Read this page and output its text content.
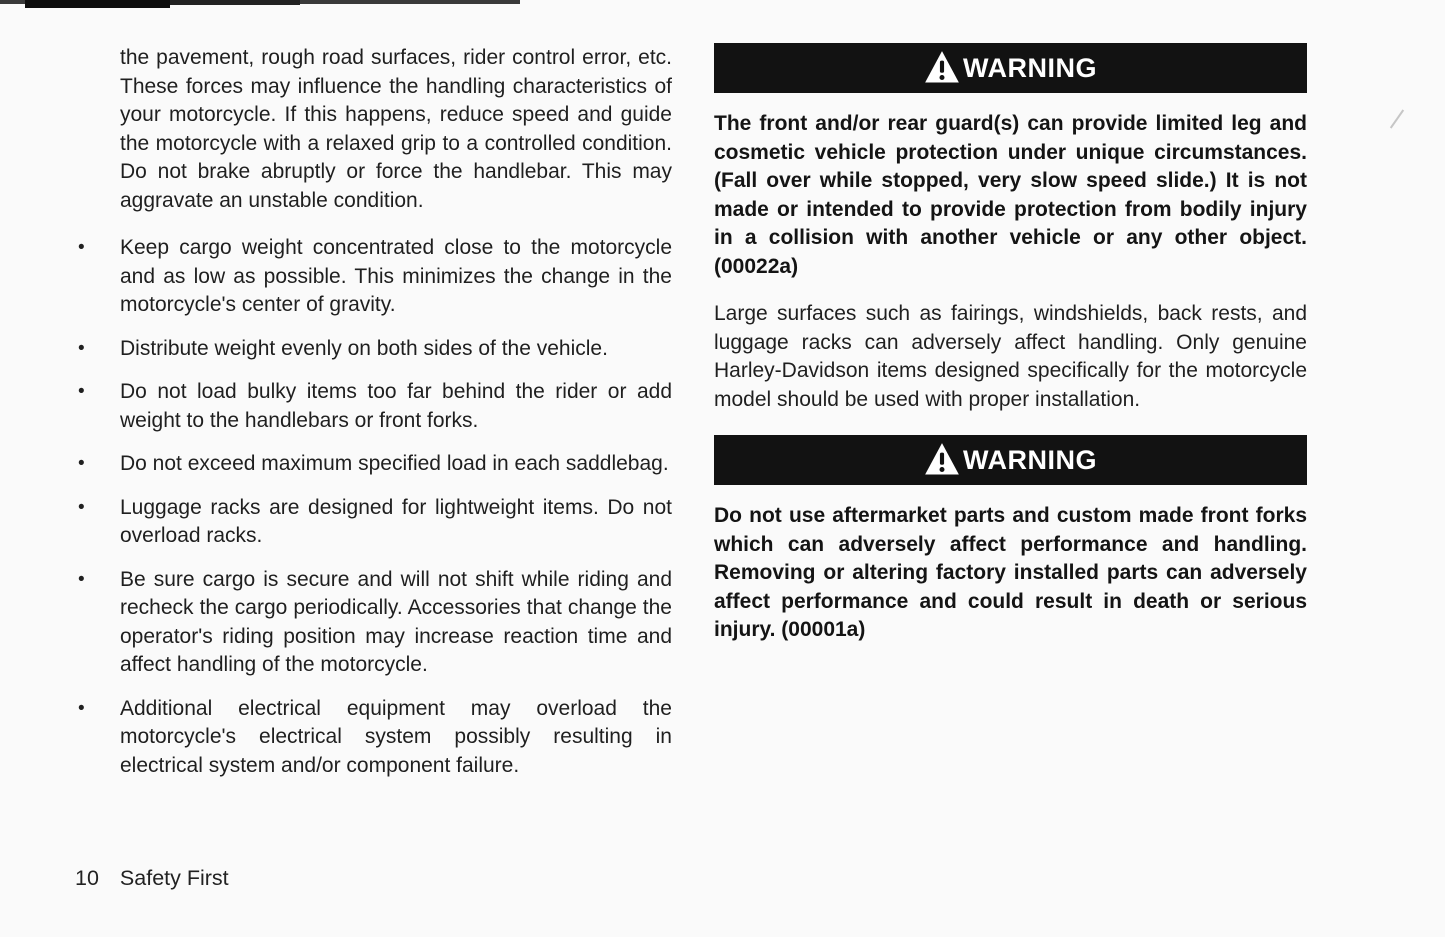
the pavement, rough road surfaces, rider control error, etc. These forces may influence the handling characteristics of your motorcycle. If this happens, reduce speed and guide the motorcycle with a relaxed grip to a controlled condition. Do not brake abruptly or force the handlebar. This may aggravate an unstable condition.

•	Keep cargo weight concentrated close to the motorcycle and as low as possible. This minimizes the change in the motorcycle's center of gravity.
•	Distribute weight evenly on both sides of the vehicle.
•	Do not load bulky items too far behind the rider or add weight to the handlebars or front forks.
•	Do not exceed maximum specified load in each saddlebag.
•	Luggage racks are designed for lightweight items. Do not overload racks.
•	Be sure cargo is secure and will not shift while riding and recheck the cargo periodically. Accessories that change the operator's riding position may increase reaction time and affect handling of the motorcycle.
•	Additional electrical equipment may overload the motorcycle's electrical system possibly resulting in electrical system and/or component failure.
WARNING

The front and/or rear guard(s) can provide limited leg and cosmetic vehicle protection under unique circumstances. (Fall over while stopped, very slow speed slide.) It is not made or intended to provide protection from bodily injury in a collision with another vehicle or any other object. (00022a)

Large surfaces such as fairings, windshields, back rests, and luggage racks can adversely affect handling. Only genuine Harley-Davidson items designed specifically for the motorcycle model should be used with proper installation.

WARNING

Do not use aftermarket parts and custom made front forks which can adversely affect performance and handling. Removing or altering factory installed parts can adversely affect performance and could result in death or serious injury. (00001a)

10 Safety First
